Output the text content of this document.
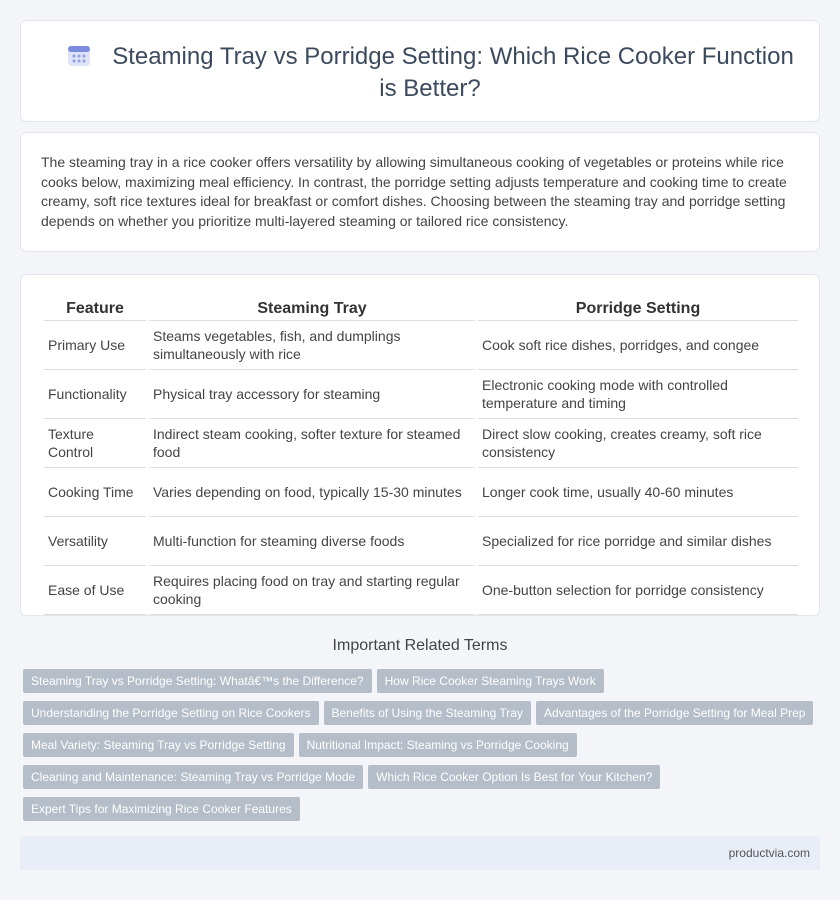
Steaming Tray vs Porridge Setting: Which Rice Cooker Function is Better?

The steaming tray in a rice cooker offers versatility by allowing simultaneous cooking of vegetables or proteins while rice cooks below, maximizing meal efficiency. In contrast, the porridge setting adjusts temperature and cooking time to create creamy, soft rice textures ideal for breakfast or comfort dishes. Choosing between the steaming tray and porridge setting depends on whether you prioritize multi-layered steaming or tailored rice consistency.

Feature	Steaming Tray	Porridge Setting
Primary Use	Steams vegetables, fish, and dumplings simultaneously with rice	Cook soft rice dishes, porridges, and congee
Functionality	Physical tray accessory for steaming	Electronic cooking mode with controlled temperature and timing
Texture Control	Indirect steam cooking, softer texture for steamed food	Direct slow cooking, creates creamy, soft rice consistency
Cooking Time	Varies depending on food, typically 15-30 minutes	Longer cook time, usually 40-60 minutes
Versatility	Multi-function for steaming diverse foods	Specialized for rice porridge and similar dishes
Ease of Use	Requires placing food on tray and starting regular cooking	One-button selection for porridge consistency
Important Related Terms
Steaming Tray vs Porridge Setting: Whatâ€™s the Difference? How Rice Cooker Steaming Trays Work
Understanding the Porridge Setting on Rice Cookers Benefits of Using the Steaming Tray Advantages of the Porridge Setting for Meal Prep
Meal Variety: Steaming Tray vs Porridge Setting Nutritional Impact: Steaming vs Porridge Cooking
Cleaning and Maintenance: Steaming Tray vs Porridge Mode Which Rice Cooker Option Is Best for Your Kitchen?
Expert Tips for Maximizing Rice Cooker Features
productvia.com
